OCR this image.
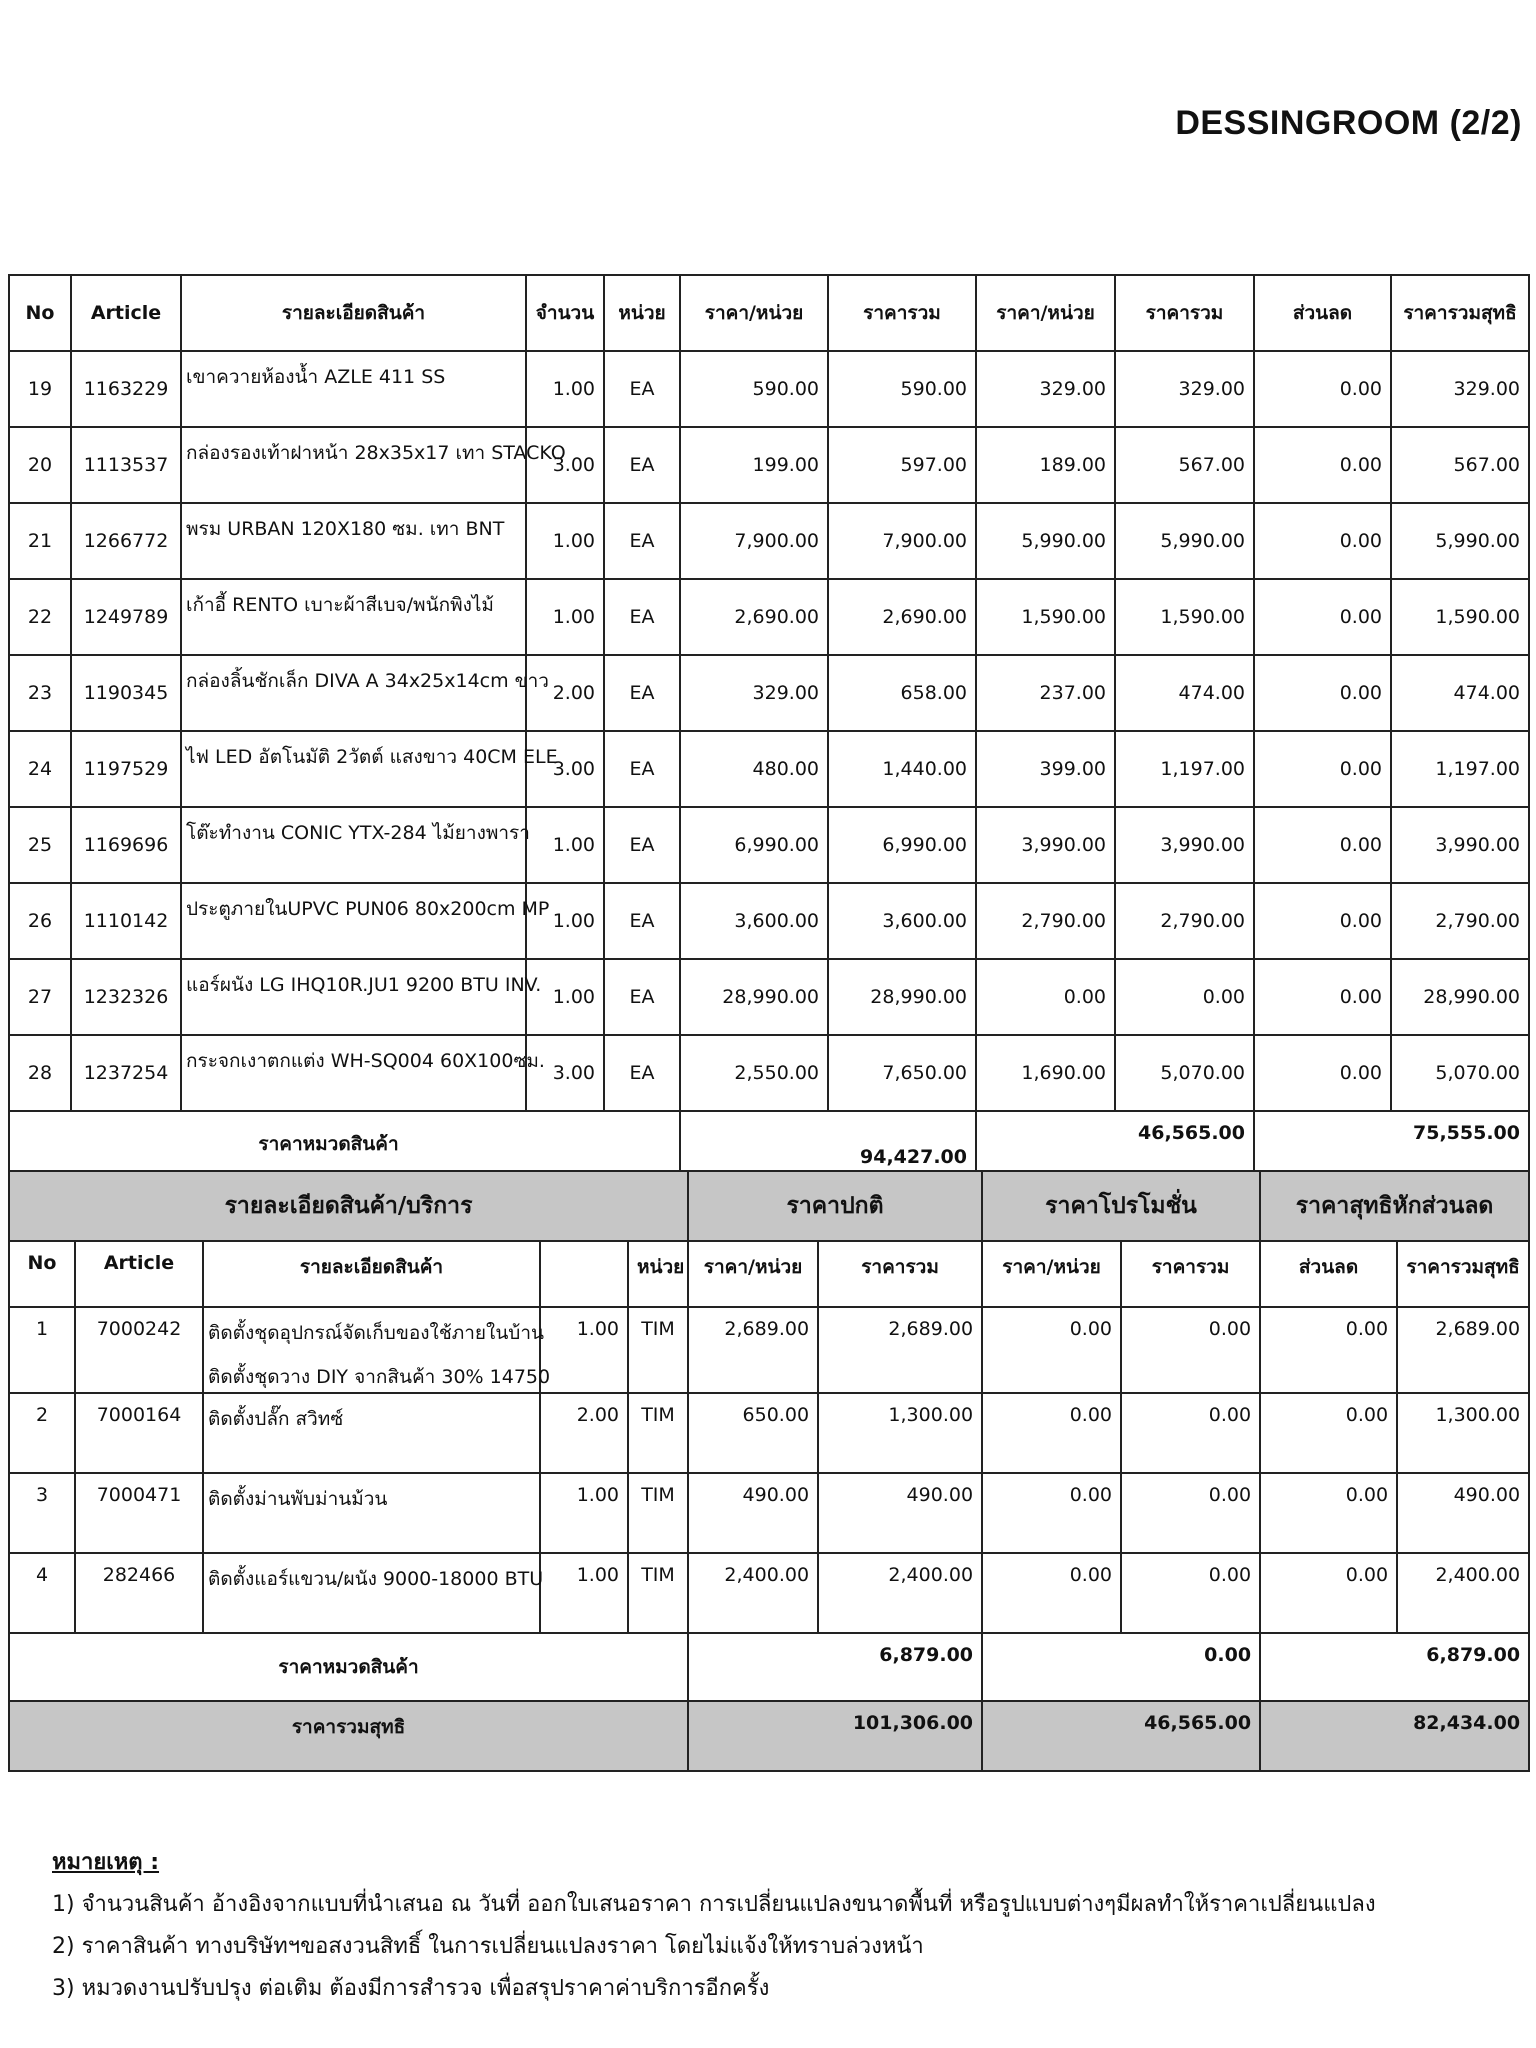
DESSINGROOM (2/2)
No	Article	รายละเอียดสินค้า	จำนวน	หน่วย	ราคา/หน่วย	ราคารวม	ราคา/หน่วย	ราคารวม	ส่วนลด	ราคารวมสุทธิ
19	1163229	เขาควายห้องน้ำ AZLE 411 SS	1.00	EA	590.00	590.00	329.00	329.00	0.00	329.00
20	1113537	กล่องรองเท้าฝาหน้า 28x35x17 เทา STACKO	3.00	EA	199.00	597.00	189.00	567.00	0.00	567.00
21	1266772	พรม URBAN 120X180 ซม. เทา BNT	1.00	EA	7,900.00	7,900.00	5,990.00	5,990.00	0.00	5,990.00
22	1249789	เก้าอี้ RENTO เบาะผ้าสีเบจ/พนักพิงไม้	1.00	EA	2,690.00	2,690.00	1,590.00	1,590.00	0.00	1,590.00
23	1190345	กล่องลิ้นชักเล็ก DIVA A 34x25x14cm ขาว	2.00	EA	329.00	658.00	237.00	474.00	0.00	474.00
24	1197529	ไฟ LED อัตโนมัติ 2วัตต์ แสงขาว 40CM ELE	3.00	EA	480.00	1,440.00	399.00	1,197.00	0.00	1,197.00
25	1169696	โต๊ะทำงาน CONIC YTX-284 ไม้ยางพารา	1.00	EA	6,990.00	6,990.00	3,990.00	3,990.00	0.00	3,990.00
26	1110142	ประตูภายในUPVC PUN06 80x200cm MP	1.00	EA	3,600.00	3,600.00	2,790.00	2,790.00	0.00	2,790.00
27	1232326	แอร์ผนัง LG IHQ10R.JU1 9200 BTU INV.	1.00	EA	28,990.00	28,990.00	0.00	0.00	0.00	28,990.00
28	1237254	กระจกเงาตกแต่ง WH-SQ004 60X100ซม.	3.00	EA	2,550.00	7,650.00	1,690.00	5,070.00	0.00	5,070.00
ราคาหมวดสินค้า					94,427.00		46,565.00		75,555.00	
รายละเอียดสินค้า/บริการ					ราคาปกติ		ราคาโปรโมชั่น		ราคาสุทธิหักส่วนลด	
No	Article	รายละเอียดสินค้า		หน่วย	ราคา/หน่วย	ราคารวม	ราคา/หน่วย	ราคารวม	ส่วนลด	ราคารวมสุทธิ
1	7000242	ติดตั้งชุดอุปกรณ์จัดเก็บของใช้ภายในบ้าน
ติดตั้งชุดวาง DIY จากสินค้า 30% 14750	1.00	TIM	2,689.00	2,689.00	0.00	0.00	0.00	2,689.00
2	7000164	ติดตั้งปลั๊ก สวิทซ์	2.00	TIM	650.00	1,300.00	0.00	0.00	0.00	1,300.00
3	7000471	ติดตั้งม่านพับม่านม้วน	1.00	TIM	490.00	490.00	0.00	0.00	0.00	490.00
4	282466	ติดตั้งแอร์แขวน/ผนัง 9000-18000 BTU	1.00	TIM	2,400.00	2,400.00	0.00	0.00	0.00	2,400.00
ราคาหมวดสินค้า					6,879.00		0.00		6,879.00	
ราคารวมสุทธิ					101,306.00		46,565.00		82,434.00	
หมายเหตุ :
1) จำนวนสินค้า อ้างอิงจากแบบที่นำเสนอ ณ วันที่ ออกใบเสนอราคา การเปลี่ยนแปลงขนาดพื้นที่ หรือรูปแบบต่างๆมีผลทำให้ราคาเปลี่ยนแปลง
2) ราคาสินค้า ทางบริษัทฯขอสงวนสิทธิ์ ในการเปลี่ยนแปลงราคา โดยไม่แจ้งให้ทราบล่วงหน้า
3) หมวดงานปรับปรุง ต่อเติม ต้องมีการสำรวจ เพื่อสรุปราคาค่าบริการอีกครั้ง
